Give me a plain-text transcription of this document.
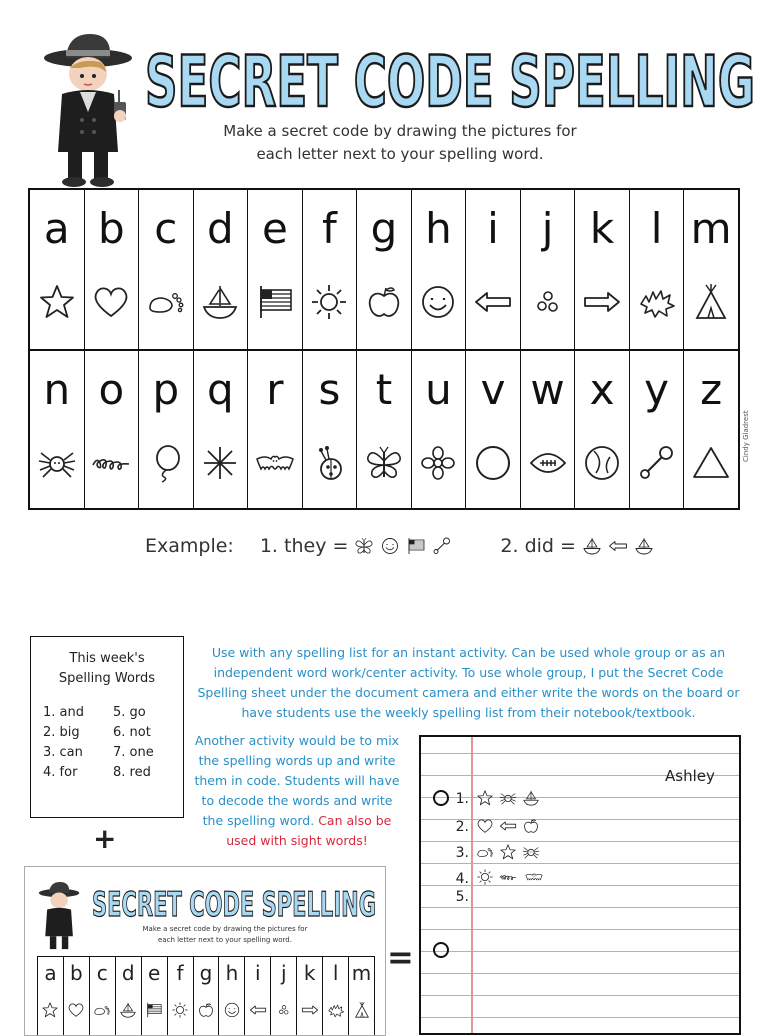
SECRET CODE SPELLING
Make a secret code by drawing the pictures for
each letter next to your spelling word.
a b c d e f g h i	j k l m
n o p q r s t u v w x y z
Cindy Gladrest
Example: 1. they =	2. did =
This week's
Spelling Words
1. and
2. big
3. can
4. for
5. go
6. not
7. one
8. red
+
=
Use with any spelling list for an instant activity. Can be used whole group or as an independent word work/center activity. To use whole group, I put the Secret Code Spelling sheet under the document camera and either write the words on the board or have students use the weekly spelling list from their notebook/textbook.
Another activity would be to mix the spelling words up and write them in code. Students will have to decode the words and write the spelling word. Can also be used with sight words!
Ashley
1.
2.
3.
4.
5.
SECRET CODE SPELLING
Make a secret code by drawing the pictures for
each letter next to your spelling word.
a b c d e f g h i	j k l m
